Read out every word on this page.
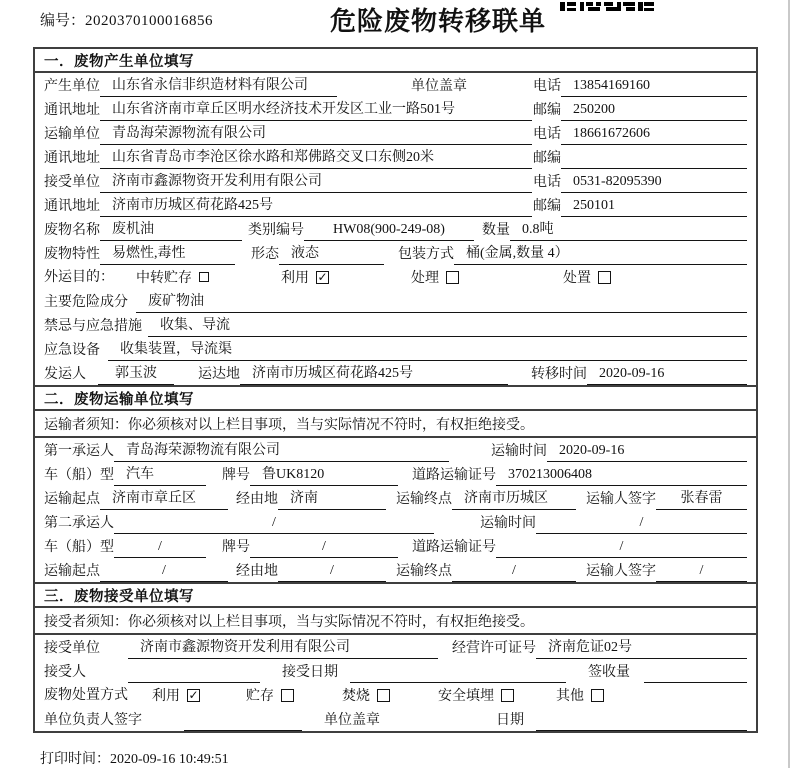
编号：2020370100016856	危险废物转移联单
一．废物产生单位填写
产生单位 山东省永信非织造材料有限公司	单位盖章	电话 13854169160
通讯地址 山东省济南市章丘区明水经济技术开发区工业一路501号	邮编 250200
运输单位 青岛海荣源物流有限公司	电话 18661672606
通讯地址 山东省青岛市李沧区徐水路和郑佛路交叉口东侧20米	邮编
接受单位 济南市鑫源物资开发利用有限公司	电话 0531-82095390
通讯地址 济南市历城区荷花路425号	邮编 250101
废物名称 废机油	类别编号	HW08(900-249-08)	数量 0.8吨
废物特性 易燃性,毒性	形态 液态	包装方式 桶(金属,数量 4）
外运目的： 中转贮存	利用 ✓	处理	处置
主要危险成分	废矿物油
禁忌与应急措施	收集、导流
应急设备	收集装置，导流渠
发运人	郭玉波	运达地 济南市历城区荷花路425号	转移时间 2020-09-16
二．废物运输单位填写
运输者须知：你必须核对以上栏目事项，当与实际情况不符时，有权拒绝接受。
第一承运人 青岛海荣源物流有限公司	运输时间 2020-09-16
车（船）型 汽车	牌号 鲁UK8120	道路运输证号 370213006408
运输起点 济南市章丘区	经由地 济南	运输终点 济南市历城区	运输人签字	张春雷
第二承运人	/	运输时间	/
车（船）型	/	牌号	/	道路运输证号	/
运输起点	/	经由地	/	运输终点	/	运输人签字	/
三．废物接受单位填写
接受者须知：你必须核对以上栏目事项，当与实际情况不符时，有权拒绝接受。
接受单位	济南市鑫源物资开发利用有限公司	经营许可证号 济南危证02号
接受人	接受日期	签收量
废物处置方式 利用 ✓	贮存	焚烧	安全填埋	其他
单位负责人签字	单位盖章	日期
打印时间：2020-09-16 10:49:51
